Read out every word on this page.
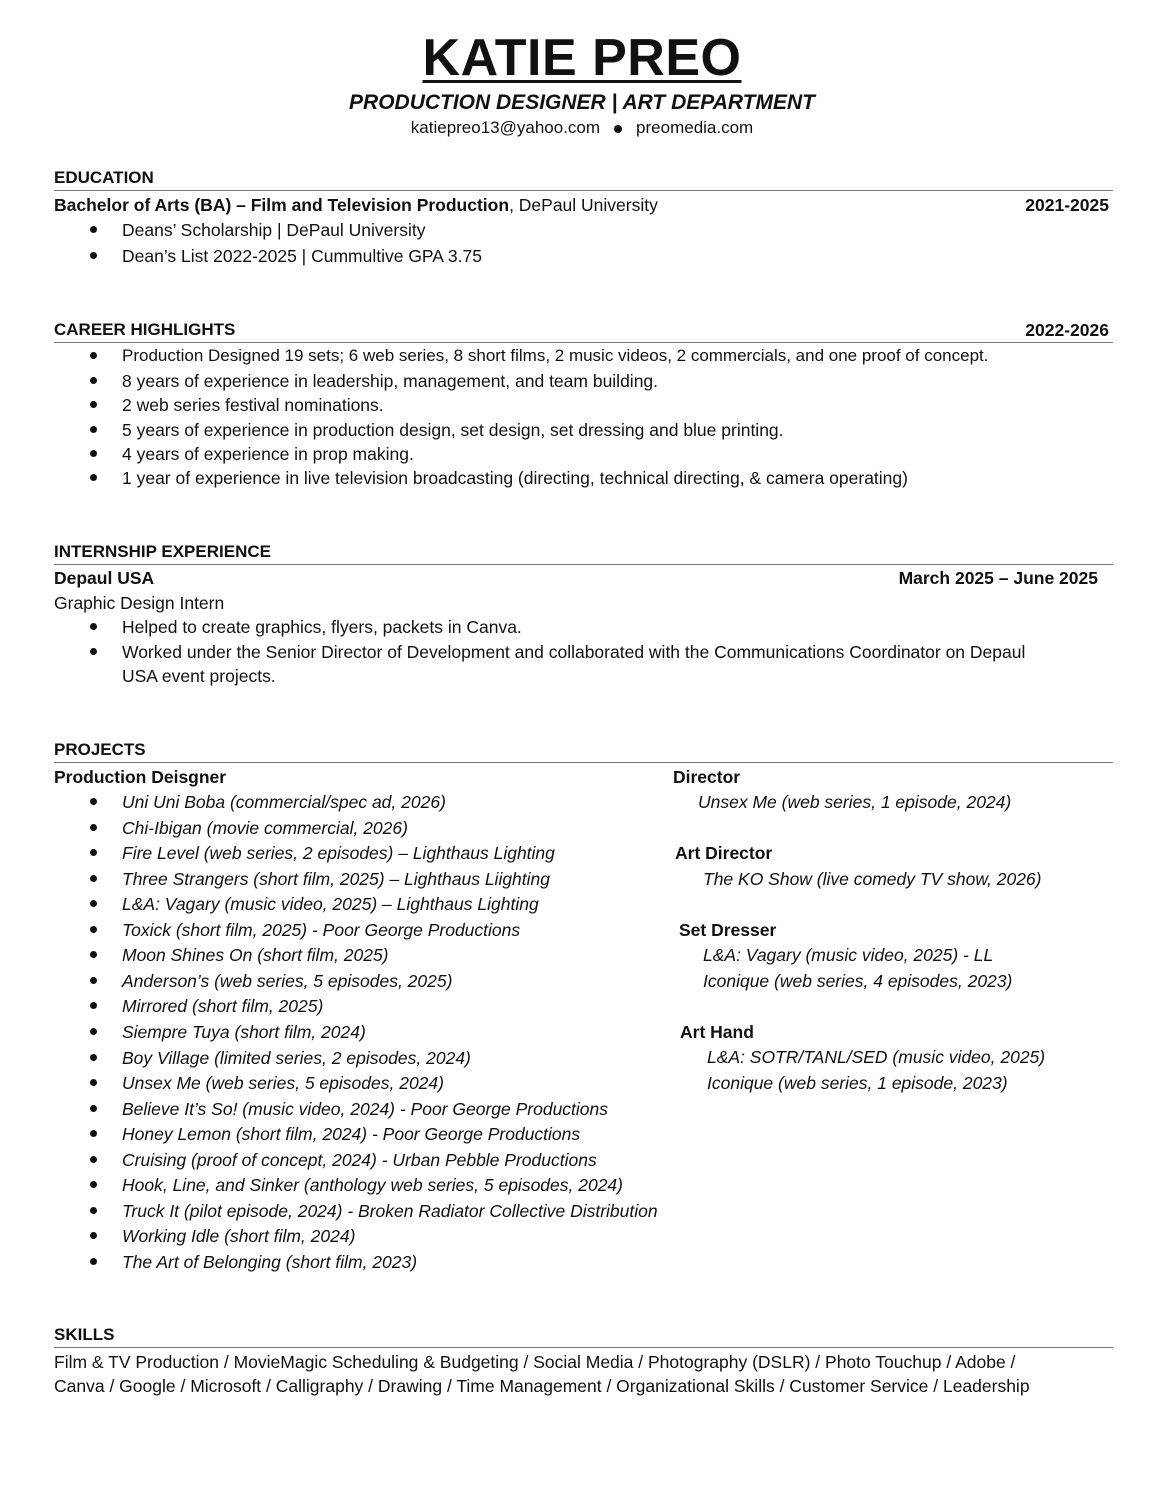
KATIE PREO
PRODUCTION DESIGNER | ART DEPARTMENT
katiepreo13@yahoo.com preomedia.com
EDUCATION
Bachelor of Arts (BA) – Film and Television Production, DePaul University	2021-2025
Deans’ Scholarship | DePaul University
Dean’s List 2022-2025 | Cummultive GPA 3.75
CAREER HIGHLIGHTS	2022-2026
Production Designed 19 sets; 6 web series, 8 short films, 2 music videos, 2 commercials, and one proof of concept.
8 years of experience in leadership, management, and team building.
2 web series festival nominations.
5 years of experience in production design, set design, set dressing and blue printing.
4 years of experience in prop making.
1 year of experience in live television broadcasting (directing, technical directing, & camera operating)
INTERNSHIP EXPERIENCE
Depaul USA	March 2025 – June 2025
Graphic Design Intern
Helped to create graphics, flyers, packets in Canva.
Worked under the Senior Director of Development and collaborated with the Communications Coordinator on Depaul
USA event projects.
PROJECTS
Production Deisgner
Uni Uni Boba (commercial/spec ad, 2026)
Chi-Ibigan (movie commercial, 2026)
Fire Level (web series, 2 episodes) – Lighthaus Lighting
Three Strangers (short film, 2025) – Lighthaus Liighting
L&A: Vagary (music video, 2025) – Lighthaus Lighting
Toxick (short film, 2025) - Poor George Productions
Moon Shines On (short film, 2025)
Anderson’s (web series, 5 episodes, 2025)
Mirrored (short film, 2025)
Siempre Tuya (short film, 2024)
Boy Village (limited series, 2 episodes, 2024)
Unsex Me (web series, 5 episodes, 2024)
Believe It’s So! (music video, 2024) - Poor George Productions
Honey Lemon (short film, 2024) - Poor George Productions
Cruising (proof of concept, 2024) - Urban Pebble Productions
Hook, Line, and Sinker (anthology web series, 5 episodes, 2024)
Truck It (pilot episode, 2024) - Broken Radiator Collective Distribution
Working Idle (short film, 2024)
The Art of Belonging (short film, 2023)
Director
Unsex Me (web series, 1 episode, 2024)
Art Director
The KO Show (live comedy TV show, 2026)
Set Dresser
L&A: Vagary (music video, 2025) - LL
Iconique (web series, 4 episodes, 2023)
Art Hand
L&A: SOTR/TANL/SED (music video, 2025)
Iconique (web series, 1 episode, 2023)
SKILLS
Film & TV Production / MovieMagic Scheduling & Budgeting / Social Media / Photography (DSLR) / Photo Touchup / Adobe /
Canva / Google / Microsoft / Calligraphy / Drawing / Time Management / Organizational Skills / Customer Service / Leadership
